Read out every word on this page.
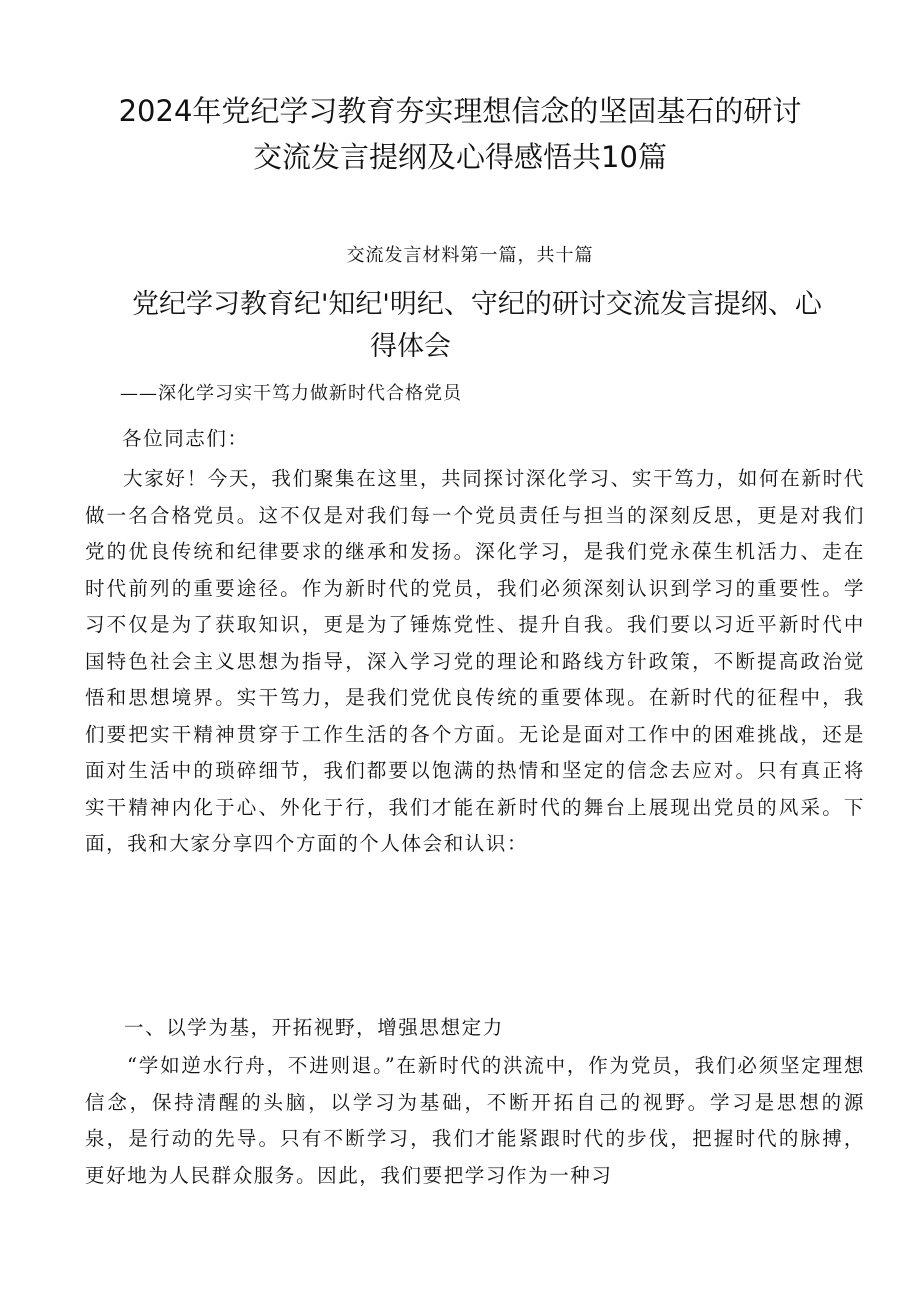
2024年党纪学习教育夯实理想信念的坚固基石的研讨
交流发言提纲及心得感悟共10篇
交流发言材料第一篇，共十篇
党纪学习教育纪'知纪'明纪、守纪的研讨交流发言提纲、心
得体会
——深化学习实干笃力做新时代合格党员

各位同志们：

大家好！今天，我们聚集在这里，共同探讨深化学习、实干笃力，如何在新时代做一名合格党员。这不仅是对我们每一个党员责任与担当的深刻反思，更是对我们党的优良传统和纪律要求的继承和发扬。深化学习，是我们党永葆生机活力、走在时代前列的重要途径。作为新时代的党员，我们必须深刻认识到学习的重要性。学习不仅是为了获取知识，更是为了锤炼党性、提升自我。我们要以习近平新时代中国特色社会主义思想为指导，深入学习党的理论和路线方针政策，不断提高政治觉悟和思想境界。实干笃力，是我们党优良传统的重要体现。在新时代的征程中，我们要把实干精神贯穿于工作生活的各个方面。无论是面对工作中的困难挑战，还是面对生活中的琐碎细节，我们都要以饱满的热情和坚定的信念去应对。只有真正将实干精神内化于心、外化于行，我们才能在新时代的舞台上展现出党员的风采。下面，我和大家分享四个方面的个人体会和认识：

一、以学为基，开拓视野，增强思想定力

“学如逆水行舟，不进则退。”在新时代的洪流中，作为党员，我们必须坚定理想信念，保持清醒的头脑，以学习为基础，不断开拓自己的视野。学习是思想的源泉，是行动的先导。只有不断学习，我们才能紧跟时代的步伐，把握时代的脉搏，更好地为人民群众服务。因此，我们要把学习作为一种习
